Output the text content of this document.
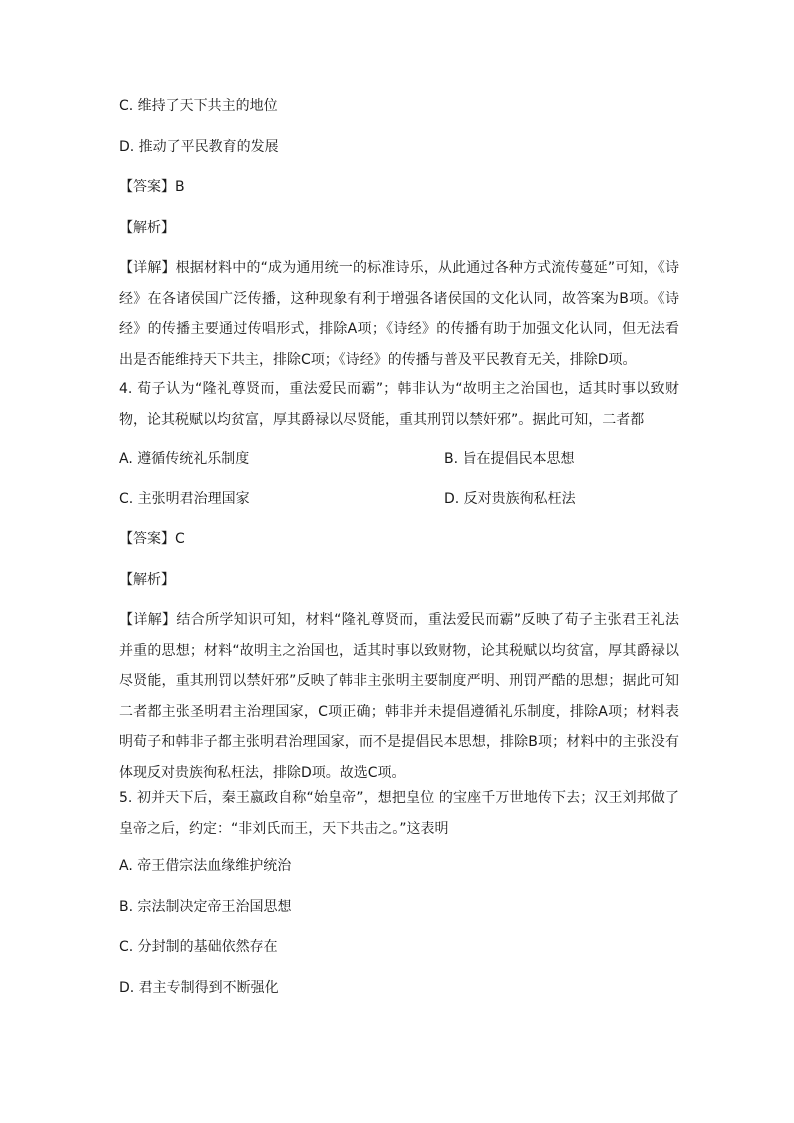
C. 维持了天下共主的地位
D. 推动了平民教育的发展
【答案】B
【解析】
【详解】根据材料中的“成为通用统一的标准诗乐，从此通过各种方式流传蔓延”可知，《诗经》在各诸侯国广泛传播，这种现象有利于增强各诸侯国的文化认同，故答案为B项。《诗经》的传播主要通过传唱形式，排除A项；《诗经》的传播有助于加强文化认同，但无法看出是否能维持天下共主，排除C项；《诗经》的传播与普及平民教育无关，排除D项。
4. 荀子认为“隆礼尊贤而，重法爱民而霸”；韩非认为“故明主之治国也，适其时事以致财物，论其税赋以均贫富，厚其爵禄以尽贤能，重其刑罚以禁奸邪”。据此可知，二者都
A. 遵循传统礼乐制度	B. 旨在提倡民本思想
C. 主张明君治理国家	D. 反对贵族徇私枉法
【答案】C
【解析】
【详解】结合所学知识可知，材料“隆礼尊贤而，重法爱民而霸”反映了荀子主张君王礼法并重的思想；材料“故明主之治国也，适其时事以致财物，论其税赋以均贫富，厚其爵禄以尽贤能，重其刑罚以禁奸邪”反映了韩非主张明主要制度严明、刑罚严酷的思想；据此可知二者都主张圣明君主治理国家，C项正确；韩非并未提倡遵循礼乐制度，排除A项；材料表明荀子和韩非子都主张明君治理国家，而不是提倡民本思想，排除B项；材料中的主张没有体现反对贵族徇私枉法，排除D项。故选C项。
5. 初并天下后，秦王嬴政自称“始皇帝”，想把皇位 的宝座千万世地传下去；汉王刘邦做了皇帝之后，约定：“非刘氏而王，天下共击之。”这表明
A. 帝王借宗法血缘维护统治
B. 宗法制决定帝王治国思想
C. 分封制的基础依然存在
D. 君主专制得到不断强化
